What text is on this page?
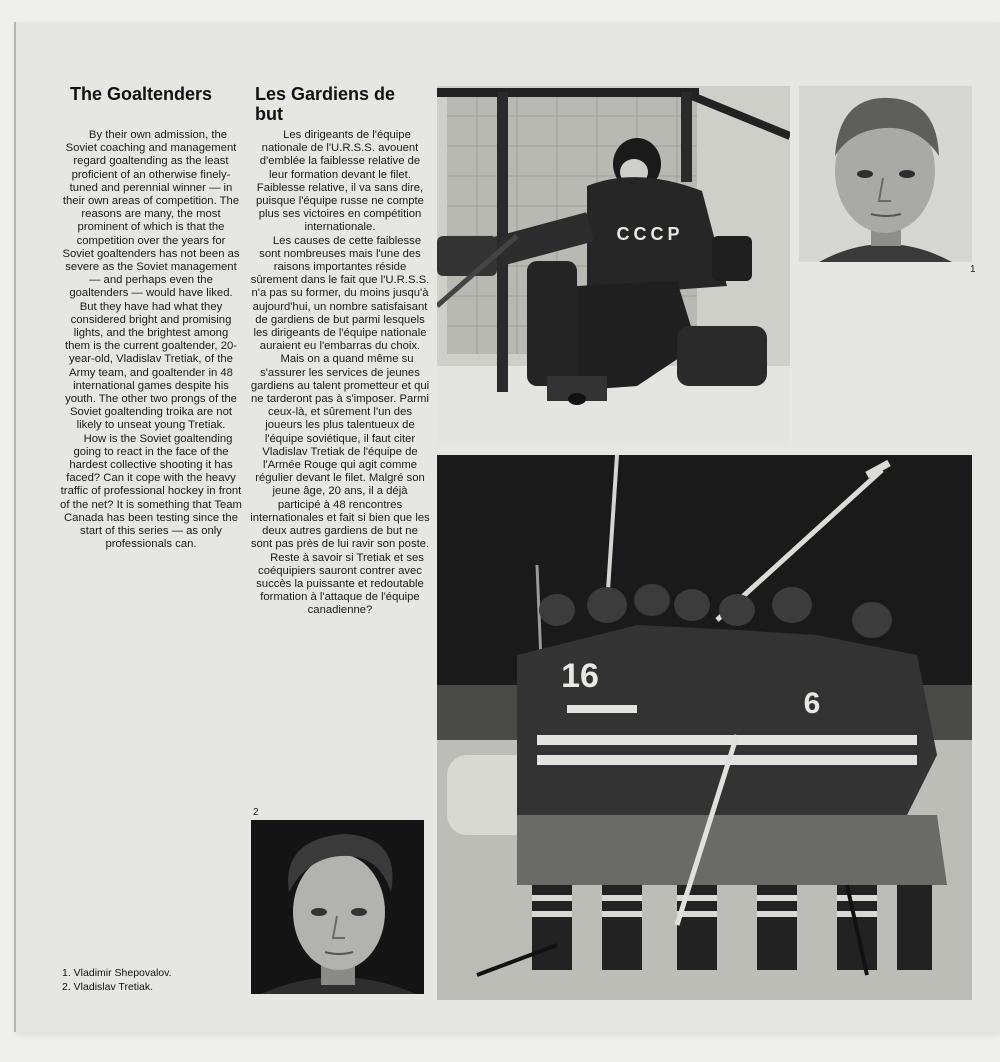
The Goaltenders

By their own admission, the Soviet coaching and management regard goaltending as the least proficient of an otherwise finely-tuned and perennial winner — in their own areas of competition. The reasons are many, the most prominent of which is that the competition over the years for Soviet goaltenders has not been as severe as the Soviet management — and perhaps even the goaltenders — would have liked. But they have had what they considered bright and promising lights, and the brightest among them is the current goaltender, 20-year-old, Vladislav Tretiak, of the Army team, and goaltender in 48 international games despite his youth. The other two prongs of the Soviet goaltending troika are not likely to unseat young Tretiak.

How is the Soviet goaltending going to react in the face of the hardest collective shooting it has faced? Can it cope with the heavy traffic of professional hockey in front of the net? It is something that Team Canada has been testing since the start of this series — as only professionals can.

Les Gardiens de but

Les dirigeants de l'équipe nationale de l'U.R.S.S. avouent d'emblée la faiblesse relative de leur formation devant le filet. Faiblesse relative, il va sans dire, puisque l'équipe russe ne compte plus ses victoires en compétition internationale.

Les causes de cette faiblesse sont nombreuses mais l'une des raisons importantes réside sûrement dans le fait que l'U.R.S.S. n'a pas su former, du moins jusqu'à aujourd'hui, un nombre satisfaisant de gardiens de but parmi lesquels les dirigeants de l'équipe nationale auraient eu l'embarras du choix.

Mais on a quand même su s'assurer les services de jeunes gardiens au talent prometteur et qui ne tarderont pas à s'imposer. Parmi ceux-là, et sûrement l'un des joueurs les plus talentueux de l'équipe soviétique, il faut citer Vladislav Tretiak de l'équipe de l'Armée Rouge qui agit comme régulier devant le filet. Malgré son jeune âge, 20 ans, il a déjà participé à 48 rencontres internationales et fait si bien que les deux autres gardiens de but ne sont pas près de lui ravir son poste.

Reste à savoir si Tretiak et ses coéquipiers sauront contrer avec succès la puissante et redoutable formation à l'attaque de l'équipe canadienne?

CCCP
1
16
6
2
1. Vladimir Shepovalov.
2. Vladislav Tretiak.
